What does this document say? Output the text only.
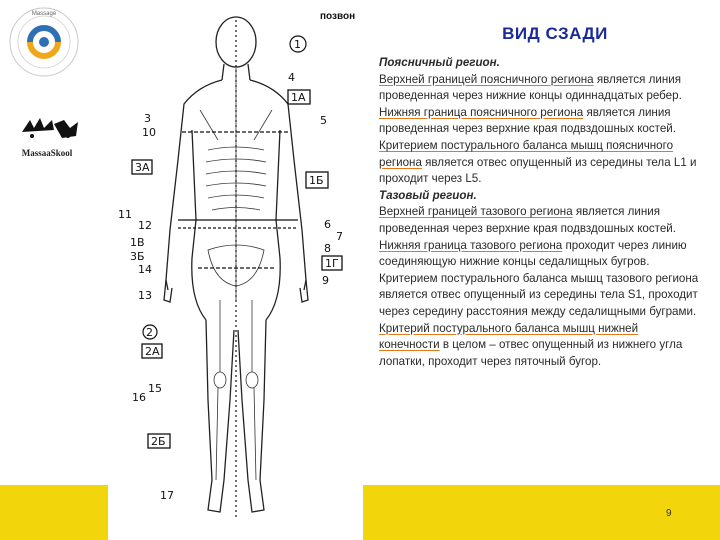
Massage
MassaaSkool
позвон
3
10
3А
11
12
1В
3Б
14
13
2
2А
15
16
2Б
17
1
4
1А
5
1Б
6
7
8
1Г
9
ВИД СЗАДИ

Поясничный регион.

Верхней границей поясничного региона является линия проведенная через нижние концы одиннадцатых ребер.

Нижняя граница поясничного региона является линия проведенная через верхние края подвздошных костей.

Критерием постурального баланса мышц поясничного региона является отвес опущенный из середины тела L1 и проходит через L5.

Тазовый регион.

Верхней границей тазового региона является линия проведенная через верхние края подвздошных костей.

Нижняя граница тазового региона проходит через линию соединяющую нижние концы седалищных бугров.

Критерием постурального баланса мышц тазового региона является отвес опущенный из середины тела S1, проходит через середину расстояния между седалищными буграми.

Критерий постурального баланса мышц нижней конечности в целом – отвес опущенный из нижнего угла лопатки, проходит через пяточный бугор.

9
